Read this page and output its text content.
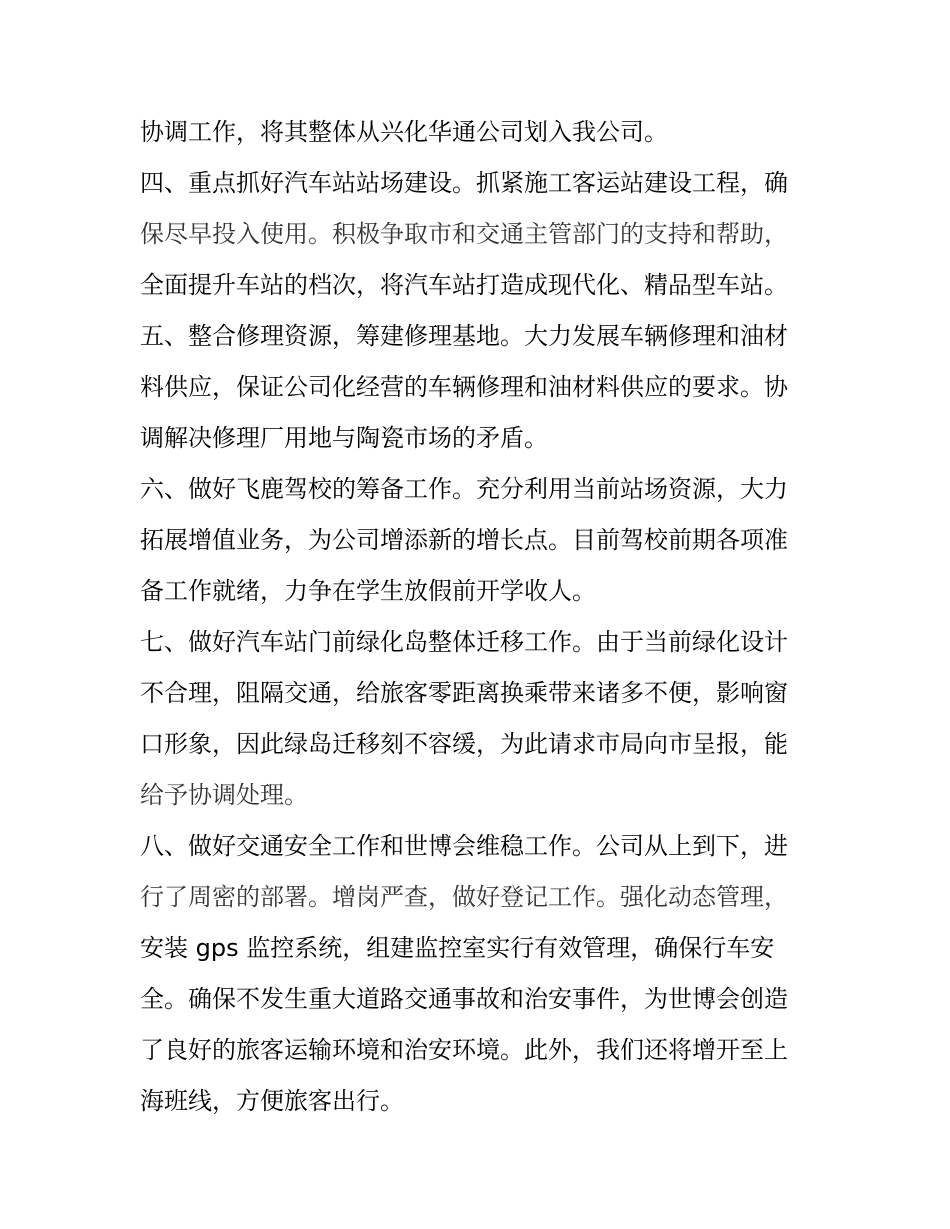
协调工作，将其整体从兴化华通公司划入我公司。
四、重点抓好汽车站站场建设。抓紧施工客运站建设工程，确
保尽早投入使用。积极争取市和交通主管部门的支持和帮助，
全面提升车站的档次，将汽车站打造成现代化、精品型车站。
五、整合修理资源，筹建修理基地。大力发展车辆修理和油材
料供应，保证公司化经营的车辆修理和油材料供应的要求。协
调解决修理厂用地与陶瓷市场的矛盾。
六、做好飞鹿驾校的筹备工作。充分利用当前站场资源，大力
拓展增值业务，为公司增添新的增长点。目前驾校前期各项准
备工作就绪，力争在学生放假前开学收人。
七、做好汽车站门前绿化岛整体迁移工作。由于当前绿化设计
不合理，阻隔交通，给旅客零距离换乘带来诸多不便，影响窗
口形象，因此绿岛迁移刻不容缓，为此请求市局向市呈报，能
给予协调处理。
八、做好交通安全工作和世博会维稳工作。公司从上到下，进
行了周密的部署。增岗严查，做好登记工作。强化动态管理，
安装 gps 监控系统，组建监控室实行有效管理，确保行车安
全。确保不发生重大道路交通事故和治安事件，为世博会创造
了良好的旅客运输环境和治安环境。此外，我们还将增开至上
海班线，方便旅客出行。
